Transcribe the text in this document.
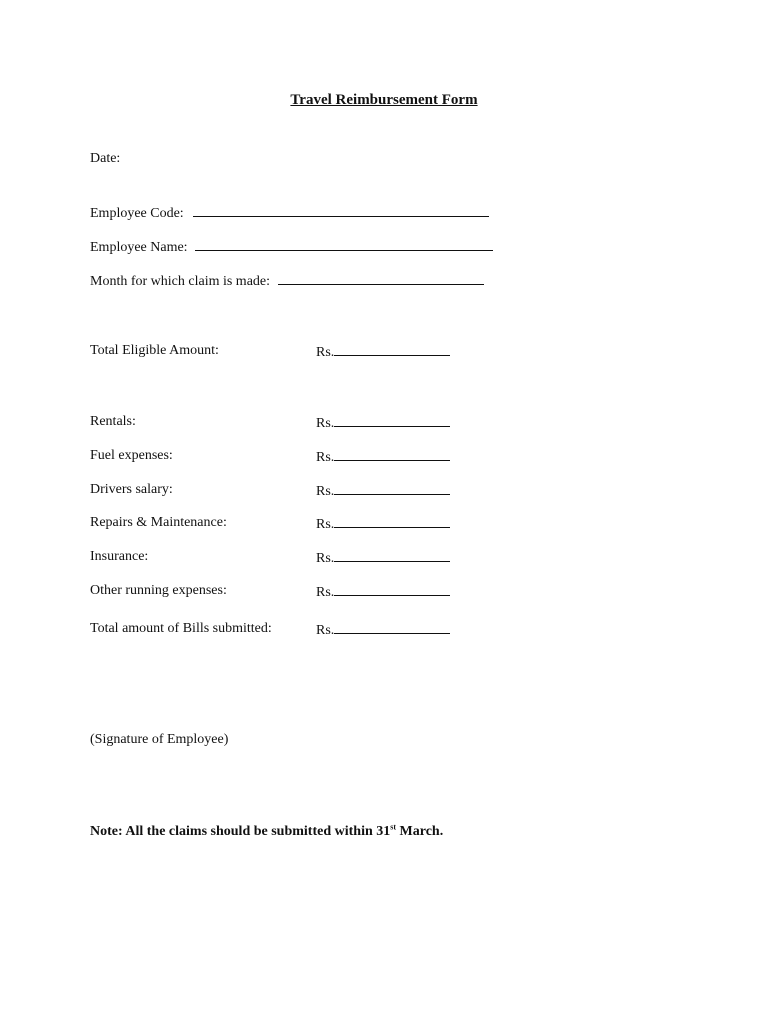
Travel Reimbursement Form
Date:
Employee Code:
Employee Name:
Month for which claim is made:
Total Eligible Amount:	Rs.
Rentals:	Rs.
Fuel expenses:	Rs.
Drivers salary:	Rs.
Repairs & Maintenance:	Rs.
Insurance:	Rs.
Other running expenses:	Rs.
Total amount of Bills submitted:	Rs.
(Signature of Employee)
Note: All the claims should be submitted within 31st March.
